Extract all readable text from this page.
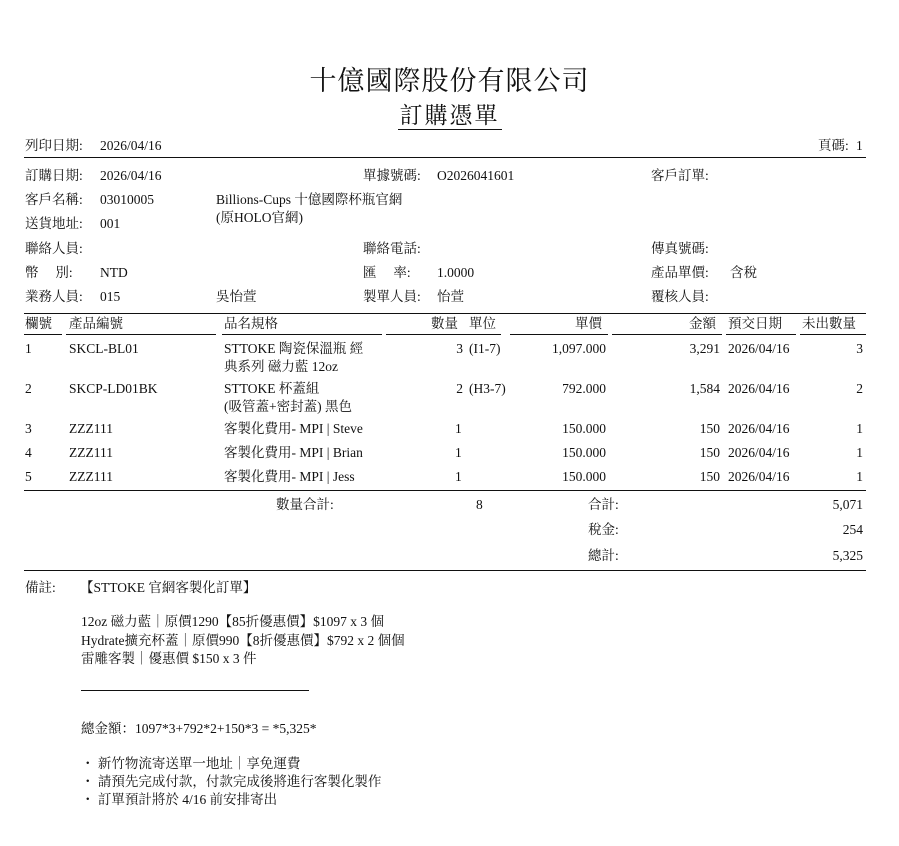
十億國際股份有限公司
訂購憑單
列印日期: 2026/04/16	頁碼: 1
訂購日期: 2026/04/16	單據號碼: O2026041601	客戶訂單:
客戶名稱: 03010005	Billions-Cups 十億國際杯瓶官網
(原HOLO官網)
送貨地址: 001
聯絡人員:	聯絡電話:	傳真號碼:
幣　 別: NTD	匯　 率: 1.0000	產品單價: 含稅
業務人員: 015	吳怡萱	製單人員: 怡萱	覆核人員:
欄號 產品編號	品名規格	數量 單位	單價	金額 預交日期 未出數量
1	SKCL-BL01	STTOKE 陶瓷保溫瓶 經
典系列 磁力藍 12oz
3 (I1-7)	1,097.000	3,291 2026/04/16	3
2	SKCP-LD01BK	STTOKE 杯蓋組
(吸管蓋+密封蓋) 黑色
2 (H3-7)	792.000	1,584 2026/04/16	2
3	ZZZ111	客製化費用- MPI | Steve	1	150.000	150 2026/04/16	1
4	ZZZ111	客製化費用- MPI | Brian	1	150.000	150 2026/04/16	1
5	ZZZ111	客製化費用- MPI | Jess	1	150.000	150 2026/04/16	1
數量合計:	8	合計:	5,071
稅金:	254
總計:	5,325
備註: 【STTOKE 官網客製化訂單】
12oz 磁力藍｜原價1290【85折優惠價】$1097 x 3 個
Hydrate擴充杯蓋｜原價990【8折優惠價】$792 x 2 個個
雷雕客製｜優惠價 $150 x 3 件
總金額：1097*3+792*2+150*3 = *5,325*
・ 新竹物流寄送單一地址｜享免運費
・ 請預先完成付款，付款完成後將進行客製化製作
・ 訂單預計將於 4/16 前安排寄出
